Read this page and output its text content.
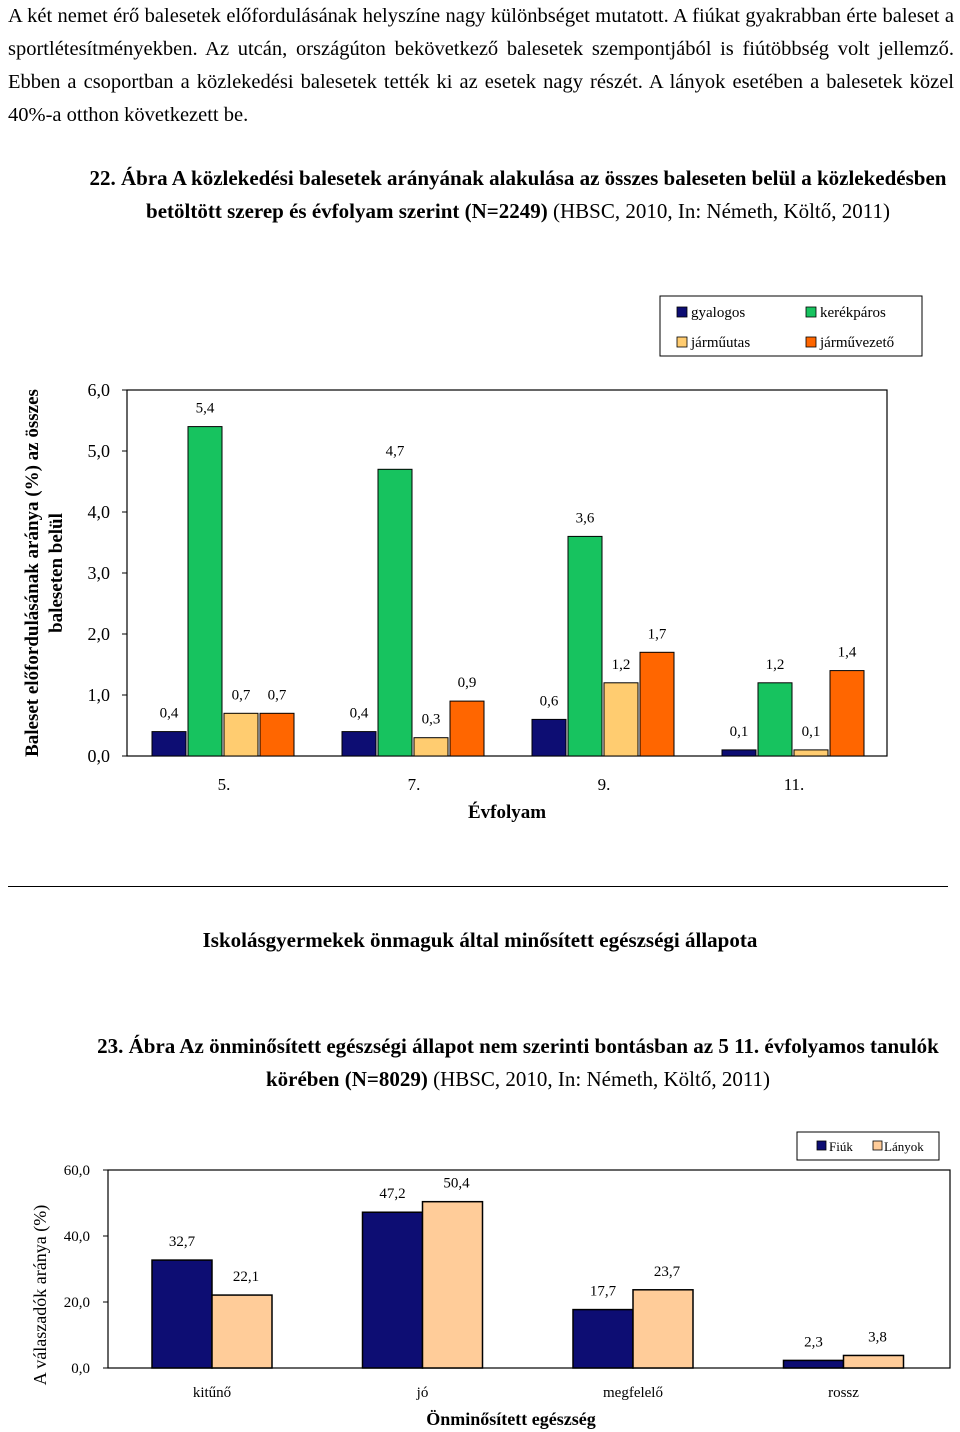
A két nemet érő balesetek előfordulásának helyszíne nagy különbséget mutatott. A fiúkat gyakrabban érte baleset a sportlétesítményekben. Az utcán, országúton bekövetkező balesetek szempontjából is fiútöbbség volt jellemző. Ebben a csoportban a közlekedési balesetek tették ki az esetek nagy részét. A lányok esetében a balesetek közel 40%-a otthon következett be.
22. Ábra A közlekedési balesetek arányának alakulása az összes baleseten belül a közlekedésben betöltött szerep és évfolyam szerint (N=2249) (HBSC, 2010, In: Németh, Költő, 2011)
gyalogos	kerékpáros
járműutas	járművezető
0,0
1,0
2,0
3,0
4,0
5,0
6,0
Baleset előfordulásának aránya (%) az összes baleseten belül
0,4
5,4
0,7 0,7
5.
0,4
4,7
0,3
0,9
7.
0,6
3,6
1,2
1,7
9.
0,1
1,2
0,1
1,4
11.
Évfolyam
Iskolásgyermekek önmaguk által minősített egészségi állapota
23. Ábra Az önminősített egészségi állapot nem szerinti bontásban az 5 11. évfolyamos tanulók körében (N=8029) (HBSC, 2010, In: Németh, Költő, 2011)
Fiúk Lányok
0,0
20,0
40,0
60,0
A válaszadók aránya (%)	32,7
22,1
kitűnő
47,2
50,4
jó
17,7
23,7
megfelelő
2,3	3,8
rossz
Önminősített egészség
